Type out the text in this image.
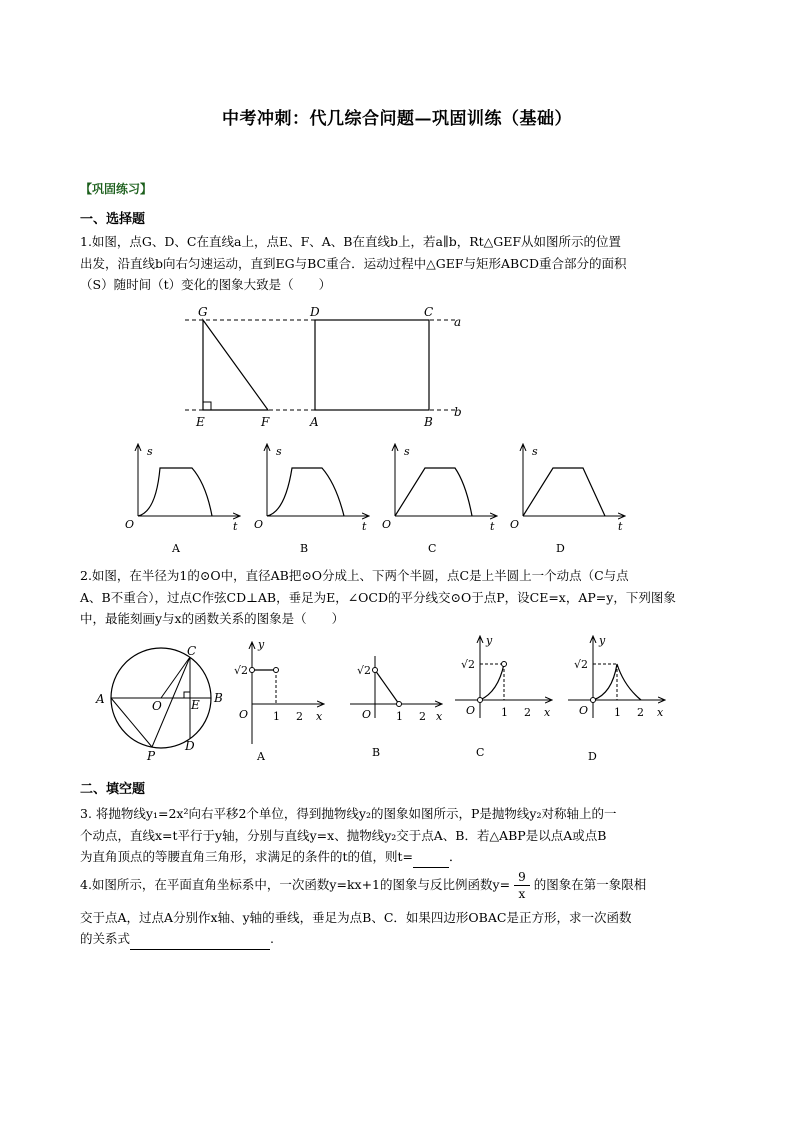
中考冲刺：代几综合问题—巩固训练（基础）
【巩固练习】
一、选择题
1.如图，点G、D、C在直线a上，点E、F、A、B在直线b上，若a∥b，Rt△GEF从如图所示的位置
出发，沿直线b向右匀速运动，直到EG与BC重合．运动过程中△GEF与矩形ABCD重合部分的面积
（S）随时间（t）变化的图象大致是（　　）
G	D	C
a
E	F	A	B
b
s
O	t
s
O	t
s
O	t
s
O	t
A	B	C	D
2.如图，在半径为1的⊙O中，直径AB把⊙O分成上、下两个半圆，点C是上半圆上一个动点（C与点
A、B不重合），过点C作弦CD⊥AB，垂足为E，∠OCD的平分线交⊙O于点P，设CE=x，AP=y，下列图象
中，最能刻画y与x的函数关系的图象是（　　）
A	B
C
O E
D
P
√2
y
O 1 2 x
√2
O 1 2 x
√2
y
O 1 2 x
√2
y
O 1 2 x
A	B	C	D
二、填空题
3. 将抛物线y₁=2x²向右平移2个单位，得到抛物线y₂的图象如图所示，P是抛物线y₂对称轴上的一
个动点，直线x=t平行于y轴，分别与直线y=x、抛物线y₂交于点A、B．若△ABP是以点A或点B
为直角顶点的等腰直角三角形，求满足的条件的t的值，则t=	．
4.如图所示，在平面直角坐标系中，一次函数y=kx+1的图象与反比例函数$y= \frac{9}{x}$ 的图象在第一象限相
交于点A，过点A分别作x轴、y轴的垂线，垂足为点B、C．如果四边形OBAC是正方形，求一次函数
的关系式	.
